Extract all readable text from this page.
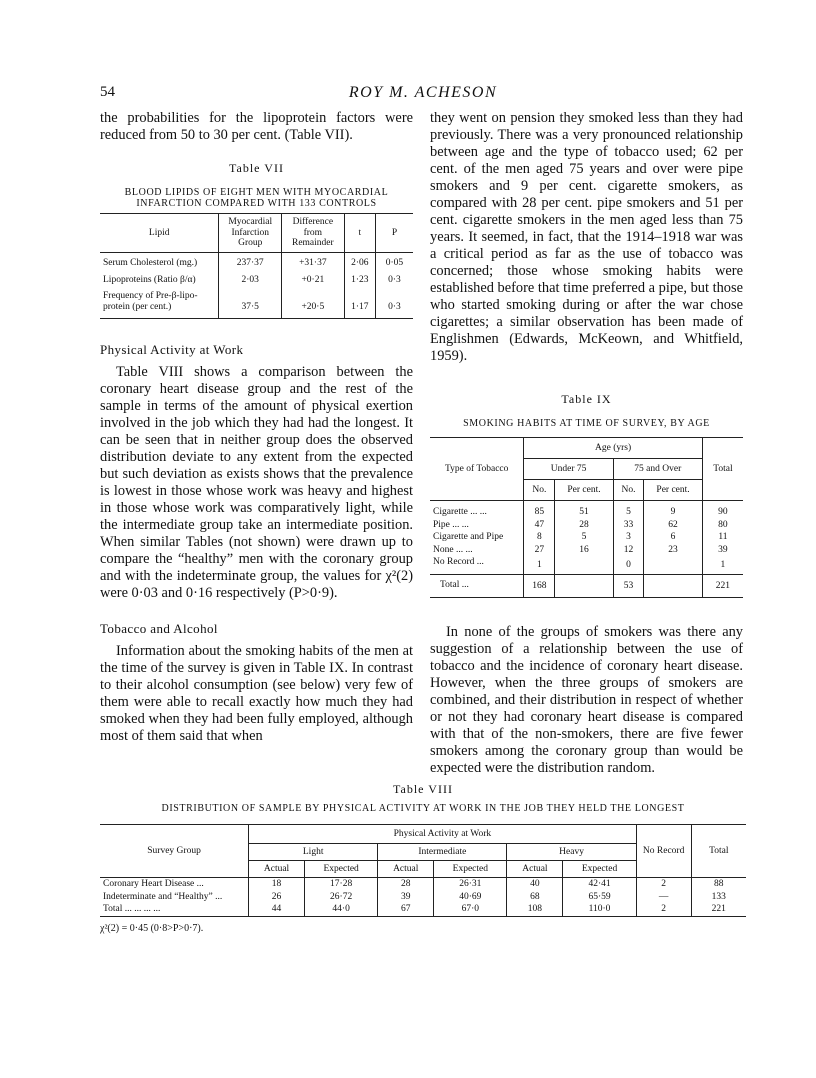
54	ROY M. ACHESON

the probabilities for the lipoprotein factors were reduced from 50 to 30 per cent. (Table VII).

Table VII
BLOOD LIPIDS OF EIGHT MEN WITH MYOCARDIAL INFARCTION COMPARED WITH 133 CONTROLS
Lipid	Myocardial Infarction Group	Difference from Remainder	t	P
Serum Cholesterol (mg.)	237·37	+31·37	2·06	0·05
Lipoproteins (Ratio β/α)	2·03	+0·21	1·23	0·3
Frequency of Pre-β-lipo-protein (per cent.)	37·5	+20·5	1·17	0·3
Physical Activity at Work

Table VIII shows a comparison between the coronary heart disease group and the rest of the sample in terms of the amount of physical exertion involved in the job which they had had the longest. It can be seen that in neither group does the observed distribution deviate to any extent from the expected but such deviation as exists shows that the prevalence is lowest in those whose work was heavy and highest in those whose work was comparatively light, while the intermediate group take an intermediate position. When similar Tables (not shown) were drawn up to compare the “healthy” men with the coronary group and with the indeterminate group, the values for χ²(2) were 0·03 and 0·16 respectively (P>0·9).

Tobacco and Alcohol

Information about the smoking habits of the men at the time of the survey is given in Table IX. In contrast to their alcohol consumption (see below) very few of them were able to recall exactly how much they had smoked when they had been fully employed, although most of them said that when

they went on pension they smoked less than they had previously. There was a very pronounced relationship between age and the type of tobacco used; 62 per cent. of the men aged 75 years and over were pipe smokers and 9 per cent. cigarette smokers, as compared with 28 per cent. pipe smokers and 51 per cent. cigarette smokers in the men aged less than 75 years. It seemed, in fact, that the 1914–1918 war was a critical period as far as the use of tobacco was concerned; those whose smoking habits were established before that time preferred a pipe, but those who started smoking during or after the war chose cigarettes; a similar observation has been made of Englishmen (Edwards, McKeown, and Whitfield, 1959).

Table IX
SMOKING HABITS AT TIME OF SURVEY, BY AGE
Type of Tobacco	Age (yrs)				Total
	Under 75		75 and Over		
	No.	Per cent.	No.	Per cent.	
Cigarette ... ...	85	51	5	9	90
Pipe ... ...	47	28	33	62	80
Cigarette and Pipe	8	5	3	6	11
None ... ...	27	16	12	23	39
No Record ...	1		0		1
Total ...	168		53		221

In none of the groups of smokers was there any suggestion of a relationship between the use of tobacco and the incidence of coronary heart disease. However, when the three groups of smokers are combined, and their distribution in respect of whether or not they had coronary heart disease is compared with that of the non-smokers, there are five fewer smokers among the coronary group than would be expected were the distribution random.

Table VIII
DISTRIBUTION OF SAMPLE BY PHYSICAL ACTIVITY AT WORK IN THE JOB THEY HELD THE LONGEST
Survey Group	Physical Activity at Work						No Record	Total
	Light		Intermediate		Heavy			
	Actual	Expected	Actual	Expected	Actual	Expected		
Coronary Heart Disease ...	18	17·28	28	26·31	40	42·41	2	88
Indeterminate and “Healthy” ...	26	26·72	39	40·69	68	65·59	—	133
Total ... ... ... ...	44	44·0	67	67·0	108	110·0	2	221
χ²(2) = 0·45 (0·8>P>0·7).
